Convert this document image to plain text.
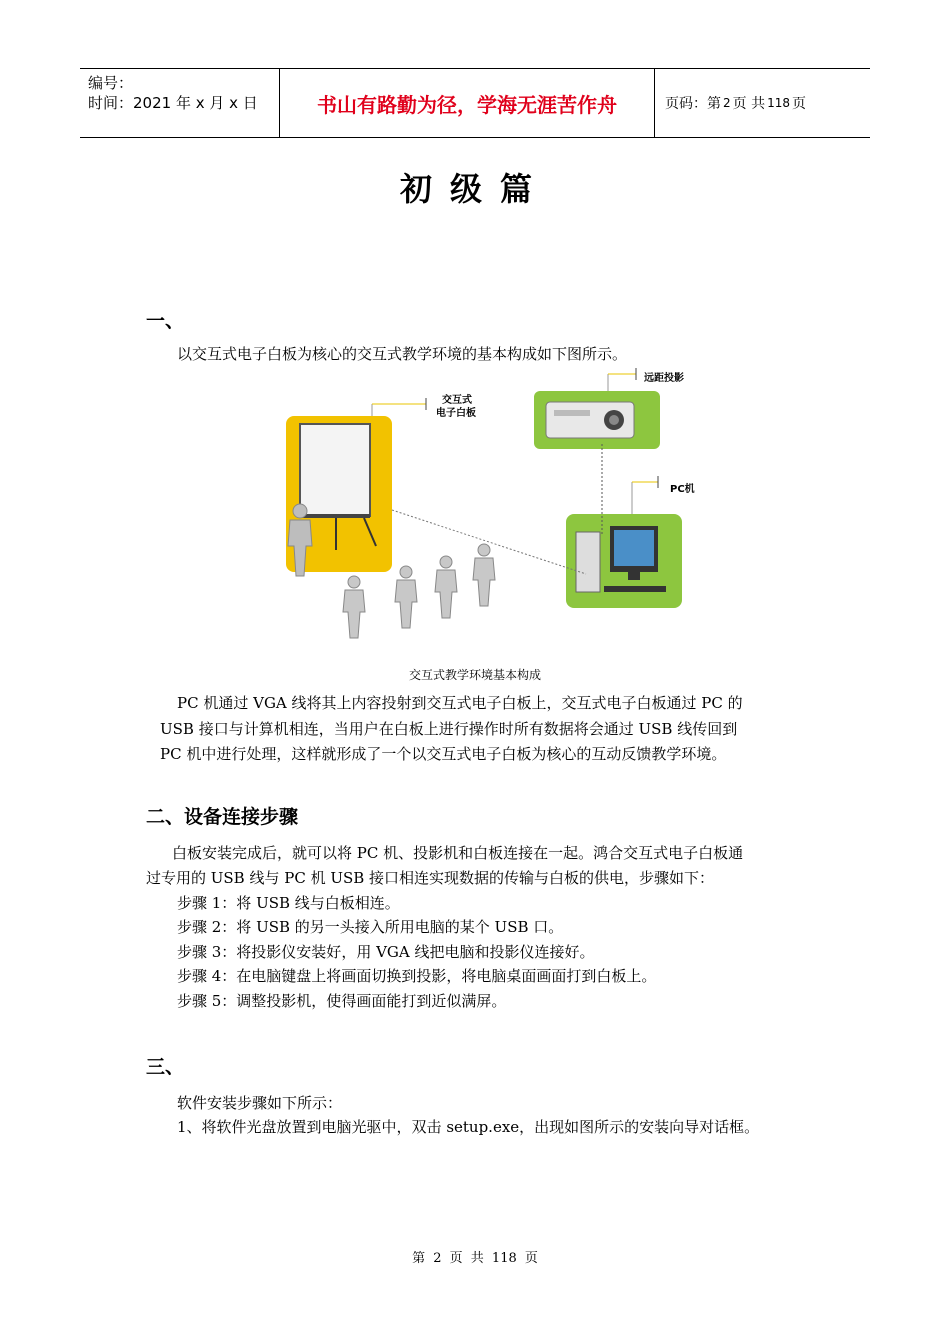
编号：
时间：2021 年 x 月 x 日	书山有路勤为径，学海无涯苦作舟	页码：第 2 页 共 118 页
初级篇
一、
以交互式电子白板为核心的交互式教学环境的基本构成如下图所示。
远距投影
交互式
电子白板
PC机
交互式教学环境基本构成
PC 机通过 VGA 线将其上内容投射到交互式电子白板上，交互式电子白板通过 PC 的
USB 接口与计算机相连，当用户在白板上进行操作时所有数据将会通过 USB 线传回到
PC 机中进行处理，这样就形成了一个以交互式电子白板为核心的互动反馈教学环境。
二、设备连接步骤
白板安装完成后，就可以将 PC 机、投影机和白板连接在一起。鸿合交互式电子白板通
过专用的 USB 线与 PC 机 USB 接口相连实现数据的传输与白板的供电，步骤如下：
步骤 1：将 USB 线与白板相连。
步骤 2：将 USB 的另一头接入所用电脑的某个 USB 口。
步骤 3：将投影仪安装好，用 VGA 线把电脑和投影仪连接好。
步骤 4：在电脑键盘上将画面切换到投影，将电脑桌面画面打到白板上。
步骤 5：调整投影机，使得画面能打到近似满屏。
三、
软件安装步骤如下所示：
1、将软件光盘放置到电脑光驱中，双击 setup.exe，出现如图所示的安装向导对话框。
第 2 页 共 118 页
